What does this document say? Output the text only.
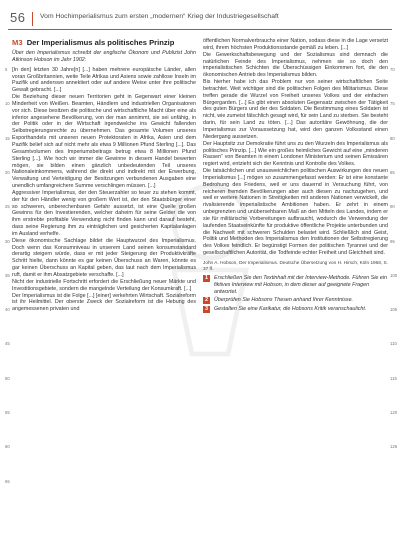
56 Vom Hochimperialismus zum ersten „modernen“ Krieg der Industriegesellschaft
M3 Der Imperialismus als politisches Prinzip

Über den Imperialismus schreibt der englische Ökonom und Publizist John Atkinson Hobson im Jahr 1902:

[In den] letzten 30 Jahre[n] [...] haben mehrere europäische Länder, allen voran Großbritannien, weite Teile Afrikas und Asiens sowie zahllose Inseln im Pazifik und anderswo annektiert oder auf andere Weise unter ihre politische Gewalt gebracht. [...]

Die Beziehung dieser neuen Territorien geht in Gegenwart einer kleinen Minderheit von Weißen. Beamten, Händlern und industriellen Organisatoren vor sich. Diese besitzen die politische und wirtschaftliche Macht über eine als inferior angesehene Bevölkerung, von der man annimmt, sie sei unfähig, in der Politik oder in der Wirtschaft irgendwelche ins Gewicht fallenden Selbstregierungsrechte zu übernehmen. Das gesamte Volumen unseres Exporthandels mit unseren neuen Protektoraten in Afrika, Asien und dem Pazifik belief sich auf nicht mehr als etwa 9 Millionen Pfund Sterling [...]. Das Gesamtvolumen des Imperiumsbeitrags betrug etwa 8 Millionen Pfund Sterling [...]. Wie hoch wir immer die Gewinne in diesem Handel bewerten mögen, sie bilden einen gänzlich unbedeutenden Teil unseres Nationaleinkommens, während die direkt und indirekt mit der Erwerbung, Verwaltung und Verteidigung der Besitzungen verbundenen Ausgaben eine unendlich umfangreichere Summe verschlingen müssen. [...]

Aggressiver Imperialismus, der den Steuerzahler so teuer zu stehen kommt, der für den Händler wenig von großem Wert ist, der den Staatsbürger einer so schweren, unberechenbaren Gefahr aussetzt, ist eine Quelle großen Gewinns für den Investierenden, welcher daheim für seine Gelder die von ihm erstrebte profitable Verwendung nicht finden kann und darauf besteht, dass seine Regierung ihm zu einträglichen und gesicherten Kapitalanlagen im Ausland verhelfe.

Diese ökonomische Sachlage bildet die Hauptwurzel des Imperialismus. Doch wenn das Konsumniveau in unserem Land seinen konsumstandard derartig steigern würde, dass er mit jeder Steigerung der Produktivkräfte Schritt hielte, dann könnte es gar keinen Überschuss an Waren, könnte es gar keinen Überschuss an Kapital geben, das laut nach dem Imperialismus ruft, damit er ihm Absatzgebiete verschaffe. [...]

Nicht der industrielle Fortschritt erfordert die Erschließung neuer Märkte und Investitionsgebiete, sondern die mangelnde Verteilung der Konsumkraft. [...]

Der Imperialismus ist die Folge [...] [einer] verkehrten Wirtschaft. Sozialreform ist ihr Heilmittel. Der oberste Zweck der Sozialreform ist die Hebung des angemessenen privaten und

öffentlichen Normalverbrauchs einer Nation, sodass diese in die Lage versetzt wird, ihrem höchsten Produktionsstande gemäß zu leben. [...]

Die Gewerkschaftsbewegung und der Sozialismus sind demnach die natürlichen Feinde des Imperialismus, nehmen sie so doch den imperialistischen Schichten die Überschüssigen Einkommen fort, die den ökonomischen Antrieb des Imperialismus bilden.

Bis hierher habe ich das Problem nur von seiner wirtschaftlichen Seite betrachtet. Weit wichtiger sind die politischen Folgen des Militarismus. Diese treffen gerade die Wurzel von Freiheit unseres Volkes und der einfachen Bürgergarden. [...] Es gibt einen absoluten Gegensatz zwischen der Tätigkeit des guten Bürgers und der des Soldaten. Die Bestimmung eines Soldaten ist nicht, wie zumeist fälschlich gesagt wird, für sein Land zu sterben. Sie besteht darin, für sein Land zu töten. [...] Das autoritäre Gewöhnung, die der Imperialismus zur Voraussetzung hat, wird den ganzen Volksstand einen Niedergang aussetzen.

Der Hauptsitz zur Demokratie führt uns zu den Wurzeln des Imperialismus als politisches Prinzip. [...] Wie ein großes heimliches Gewicht auf eine „minderen Rassen“ von Beamten in einem Londoner Ministerium und seinen Emissären regiert wird, entzieht sich der Kenntnis und Kontrolle des Volkes.

Die tatsächlichen und unausweichlichen politischen Auswirkungen des neuen Imperialismus [...] mögen so zusammengefasst werden: Er ist eine konstante Bedrohung des Friedens, weil er uns dauernd in Versuchung führt, von reicheren fremden Bevölkerungen aber auch diesen zu nachzugehen, und weil er weitere Nationen in Streitigkeiten mit anderen Nationen verwickelt, die rivalisierende imperialistische Ambitionen haben. Er zehrt in einem unbegrenzten und unübersehbaren Maß an den Mitteln des Landes, indem er sie für militärische Vorbereitungen aufbraucht, wodurch die Verwendung der laufenden Staatseinkünfte für produktive öffentliche Projekte unterbunden und die Nachwelt mit schweren Schulden belastet wird. Schließlich sind Geist, Politik und Methoden des Imperialismus den Institutionen der Selbstregierung des Volkes feindlich. Er begünstigt Formen der politischen Tyrannei und der gesellschaftlichen Autorität, die Todfeinde echter Freiheit und Gleichheit sind.

John A. Hobson, Der Imperialismus. Deutsche Übersetzung von H. Hirsch, Köln 1968, S. 37 ff.

1	Erschließen Sie den Textinhalt mit der Interview-Methode. Führen Sie ein fiktives Interview mit Hobson, in dem dieser auf geeignete Fragen antwortet.
2	Überprüfen Sie Hobsons Thesen anhand Ihrer Kenntnisse.
3	Gestalten Sie eine Karikatur, die Hobsons Kritik veranschaulicht.
5
10
15
20
25
30
35
40
45
50
55
60
65
70
75
80
85
90
95
100
105
110
115
120
125
